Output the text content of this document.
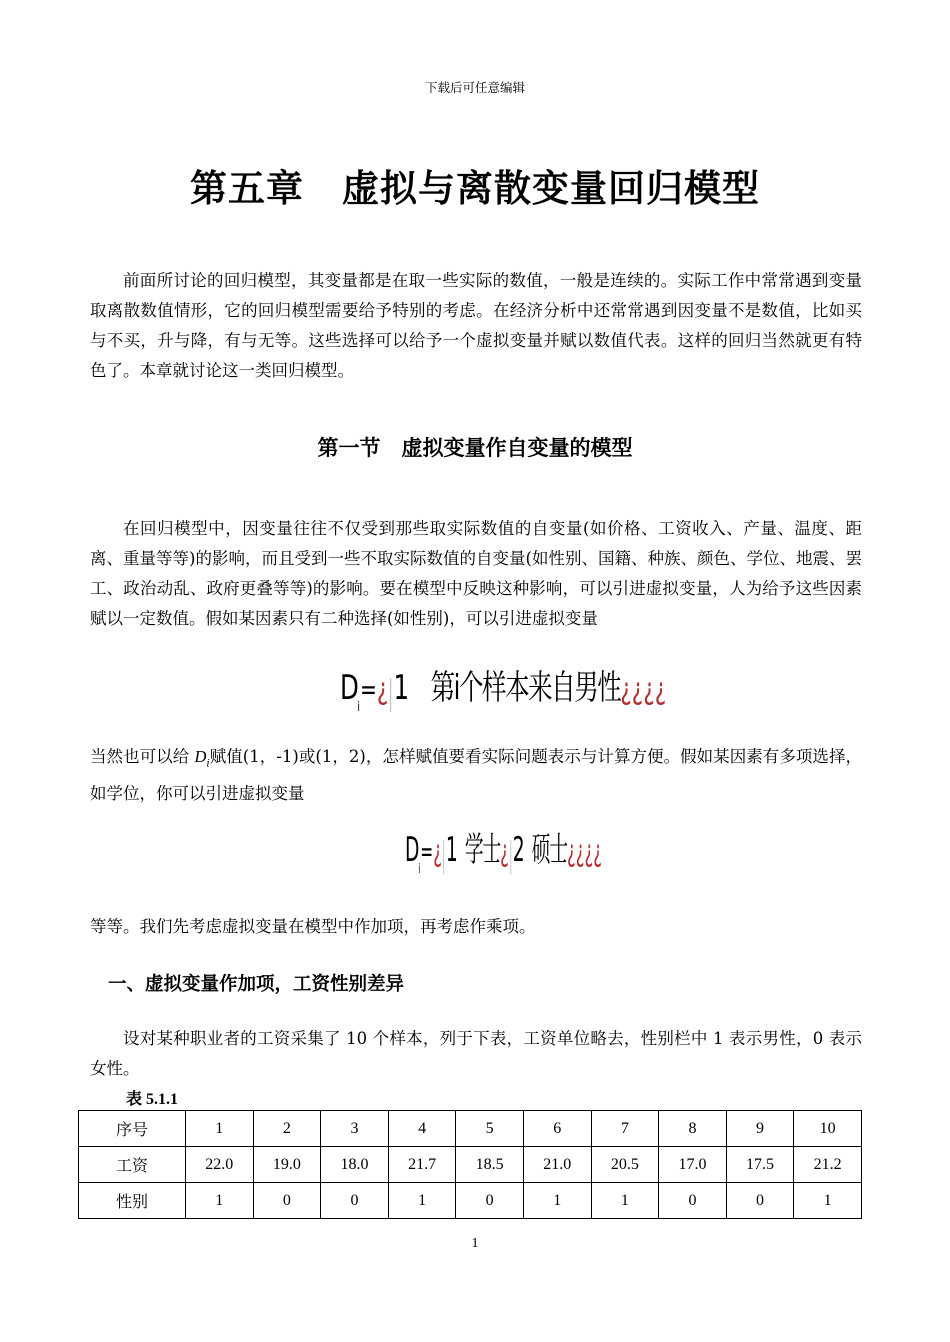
下载后可任意编辑
第五章　虚拟与离散变量回归模型
前面所讨论的回归模型，其变量都是在取一些实际的数值，一般是连续的。实际工作中常常遇到变量取离散数值情形，它的回归模型需要给予特别的考虑。在经济分析中还常常遇到因变量不是数值，比如买与不买，升与降，有与无等。这些选择可以给予一个虚拟变量并赋以数值代表。这样的回归当然就更有特色了。本章就讨论这一类回归模型。
第一节　虚拟变量作自变量的模型
在回归模型中，因变量往往不仅受到那些取实际数值的自变量(如价格、工资收入、产量、温度、距离、重量等等)的影响，而且受到一些不取实际数值的自变量(如性别、国籍、种族、颜色、学位、地震、罢工、政治动乱、政府更叠等等)的影响。要在模型中反映这种影响，可以引进虚拟变量，人为给予这些因素赋以一定数值。假如某因素只有二种选择(如性别)，可以引进虚拟变量
$D_i=¿$ 1  第i个样本来自男性¿¿¿¿
当然也可以给 $D_i$赋值(1，-1)或(1，2)，怎样赋值要看实际问题表示与计算方便。假如某因素有多项选择，如学位，你可以引进虚拟变量
$D_i=¿$ 1  学士¿ 2  硕士¿¿¿¿
等等。我们先考虑虚拟变量在模型中作加项，再考虑作乘项。
一、虚拟变量作加项，工资性别差异
设对某种职业者的工资采集了 10 个样本，列于下表，工资单位略去，性别栏中 1 表示男性，0 表示女性。
表 5.1.1
序号	1	2	3	4	5	6	7	8	9	10
工资	22.0	19.0	18.0	21.7	18.5	21.0	20.5	17.0	17.5	21.2
性别	1	0	0	1	0	1	1	0	0	1
1
